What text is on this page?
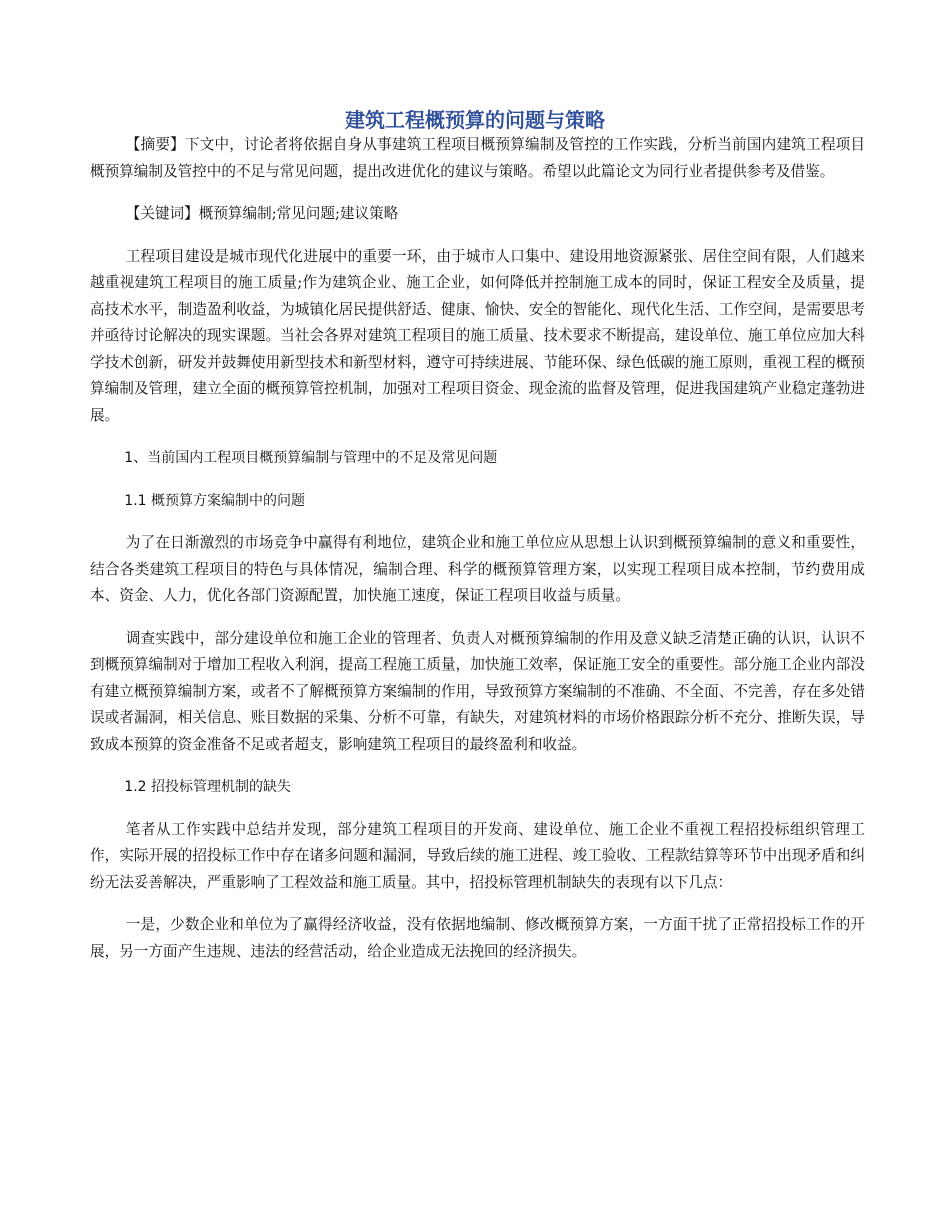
建筑工程概预算的问题与策略

【摘要】下文中，讨论者将依据自身从事建筑工程项目概预算编制及管控的工作实践，分析当前国内建筑工程项目概预算编制及管控中的不足与常见问题，提出改进优化的建议与策略。希望以此篇论文为同行业者提供参考及借鉴。

【关键词】概预算编制;常见问题;建议策略

工程项目建设是城市现代化进展中的重要一环，由于城市人口集中、建设用地资源紧张、居住空间有限，人们越来越重视建筑工程项目的施工质量;作为建筑企业、施工企业，如何降低并控制施工成本的同时，保证工程安全及质量，提高技术水平，制造盈利收益，为城镇化居民提供舒适、健康、愉快、安全的智能化、现代化生活、工作空间，是需要思考并亟待讨论解决的现实课题。当社会各界对建筑工程项目的施工质量、技术要求不断提高，建设单位、施工单位应加大科学技术创新，研发并鼓舞使用新型技术和新型材料，遵守可持续进展、节能环保、绿色低碳的施工原则，重视工程的概预算编制及管理，建立全面的概预算管控机制，加强对工程项目资金、现金流的监督及管理，促进我国建筑产业稳定蓬勃进展。

1、当前国内工程项目概预算编制与管理中的不足及常见问题

1.1 概预算方案编制中的问题

为了在日渐激烈的市场竞争中赢得有利地位，建筑企业和施工单位应从思想上认识到概预算编制的意义和重要性，结合各类建筑工程项目的特色与具体情况，编制合理、科学的概预算管理方案，以实现工程项目成本控制，节约费用成本、资金、人力，优化各部门资源配置，加快施工速度，保证工程项目收益与质量。

调查实践中，部分建设单位和施工企业的管理者、负责人对概预算编制的作用及意义缺乏清楚正确的认识，认识不到概预算编制对于增加工程收入利润，提高工程施工质量，加快施工效率，保证施工安全的重要性。部分施工企业内部没有建立概预算编制方案，或者不了解概预算方案编制的作用，导致预算方案编制的不准确、不全面、不完善，存在多处错误或者漏洞，相关信息、账目数据的采集、分析不可靠，有缺失，对建筑材料的市场价格跟踪分析不充分、推断失误，导致成本预算的资金准备不足或者超支，影响建筑工程项目的最终盈利和收益。

1.2 招投标管理机制的缺失

笔者从工作实践中总结并发现，部分建筑工程项目的开发商、建设单位、施工企业不重视工程招投标组织管理工作，实际开展的招投标工作中存在诸多问题和漏洞，导致后续的施工进程、竣工验收、工程款结算等环节中出现矛盾和纠纷无法妥善解决，严重影响了工程效益和施工质量。其中，招投标管理机制缺失的表现有以下几点：

一是，少数企业和单位为了赢得经济收益，没有依据地编制、修改概预算方案，一方面干扰了正常招投标工作的开展，另一方面产生违规、违法的经营活动，给企业造成无法挽回的经济损失。
